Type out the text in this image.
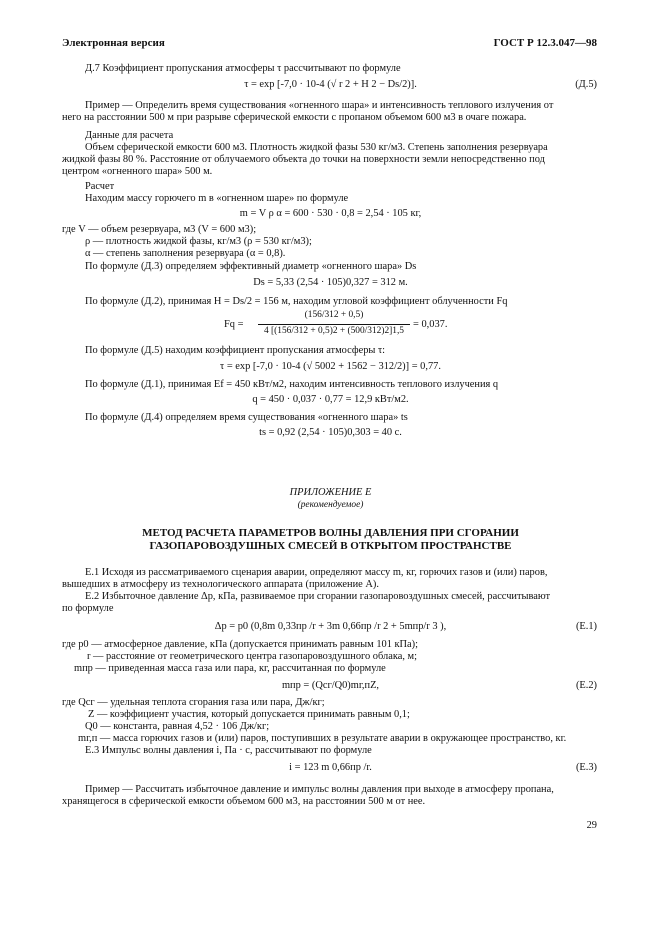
Электронная версия	ГОСТ Р 12.3.047—98
Д.7 Коэффициент пропускания атмосферы τ рассчитывают по формуле
τ = exp [-7,0 · 10-4 (√ r 2 + H 2 − Ds/2)].	(Д.5)
Пример — Определить время существования «огненного шара» и интенсивность теплового излучения от
него на расстоянии 500 м при разрыве сферической емкости с пропаном объемом 600 м3 в очаге пожара.
Данные для расчета
Объем сферической емкости 600 м3. Плотность жидкой фазы 530 кг/м3. Степень заполнения резервуара
жидкой фазы 80 %. Расстояние от облучаемого объекта до точки на поверхности земли непосредственно под
центром «огненного шара» 500 м.
Расчет
Находим массу горючего m в «огненном шаре» по формуле
m = V ρ α = 600 · 530 · 0,8 = 2,54 · 105 кг,
где V — объем резервуара, м3 (V = 600 м3);
ρ — плотность жидкой фазы, кг/м3 (ρ = 530 кг/м3);
α — степень заполнения резервуара (α = 0,8).
По формуле (Д.3) определяем эффективный диаметр «огненного шара» Ds
Ds = 5,33 (2,54 · 105)0,327 = 312 м.
По формуле (Д.2), принимая H = Ds/2 = 156 м, находим угловой коэффициент облученности Fq
Fq =
(156/312 + 0,5)
4 [(156/312 + 0,5)2 + (500/312)2]1,5
= 0,037.
По формуле (Д.5) находим коэффициент пропускания атмосферы τ:
τ = exp [-7,0 · 10-4 (√ 5002 + 1562 − 312/2)] = 0,77.
По формуле (Д.1), принимая Ef = 450 кВт/м2, находим интенсивность теплового излучения q
q = 450 · 0,037 · 0,77 = 12,9 кВт/м2.
По формуле (Д.4) определяем время существования «огненного шара» ts
ts = 0,92 (2,54 · 105)0,303 = 40 с.
ПРИЛОЖЕНИЕ Е
(рекомендуемое)
МЕТОД РАСЧЕТА ПАРАМЕТРОВ ВОЛНЫ ДАВЛЕНИЯ ПРИ СГОРАНИИ
ГАЗОПАРОВОЗДУШНЫХ СМЕСЕЙ В ОТКРЫТОМ ПРОСТРАНСТВЕ
Е.1 Исходя из рассматриваемого сценария аварии, определяют массу m, кг, горючих газов и (или) паров,
вышедших в атмосферу из технологического аппарата (приложение А).
Е.2 Избыточное давление Δp, кПа, развиваемое при сгорании газопаровоздушных смесей, рассчитывают
по формуле
Δp = p0 (0,8m 0,33пр /r + 3m 0,66пр /r 2 + 5mпр/r 3 ),	(Е.1)
где p0 — атмосферное давление, кПа (допускается принимать равным 101 кПа);
r — расстояние от геометрического центра газопаровоздушного облака, м;
mпр — приведенная масса газа или пара, кг, рассчитанная по формуле
mпр = (Qсг/Q0)mг,пZ,	(Е.2)
где Qсг — удельная теплота сгорания газа или пара, Дж/кг;
Z — коэффициент участия, который допускается принимать равным 0,1;
Q0 — константа, равная 4,52 · 106 Дж/кг;
mг,п — масса горючих газов и (или) паров, поступивших в результате аварии в окружающее пространство, кг.
Е.3 Импульс волны давления i, Па · с, рассчитывают по формуле
i = 123 m 0,66пр /r.	(Е.3)
Пример — Рассчитать избыточное давление и импульс волны давления при выходе в атмосферу пропана,
хранящегося в сферической емкости объемом 600 м3, на расстоянии 500 м от нее.
29
